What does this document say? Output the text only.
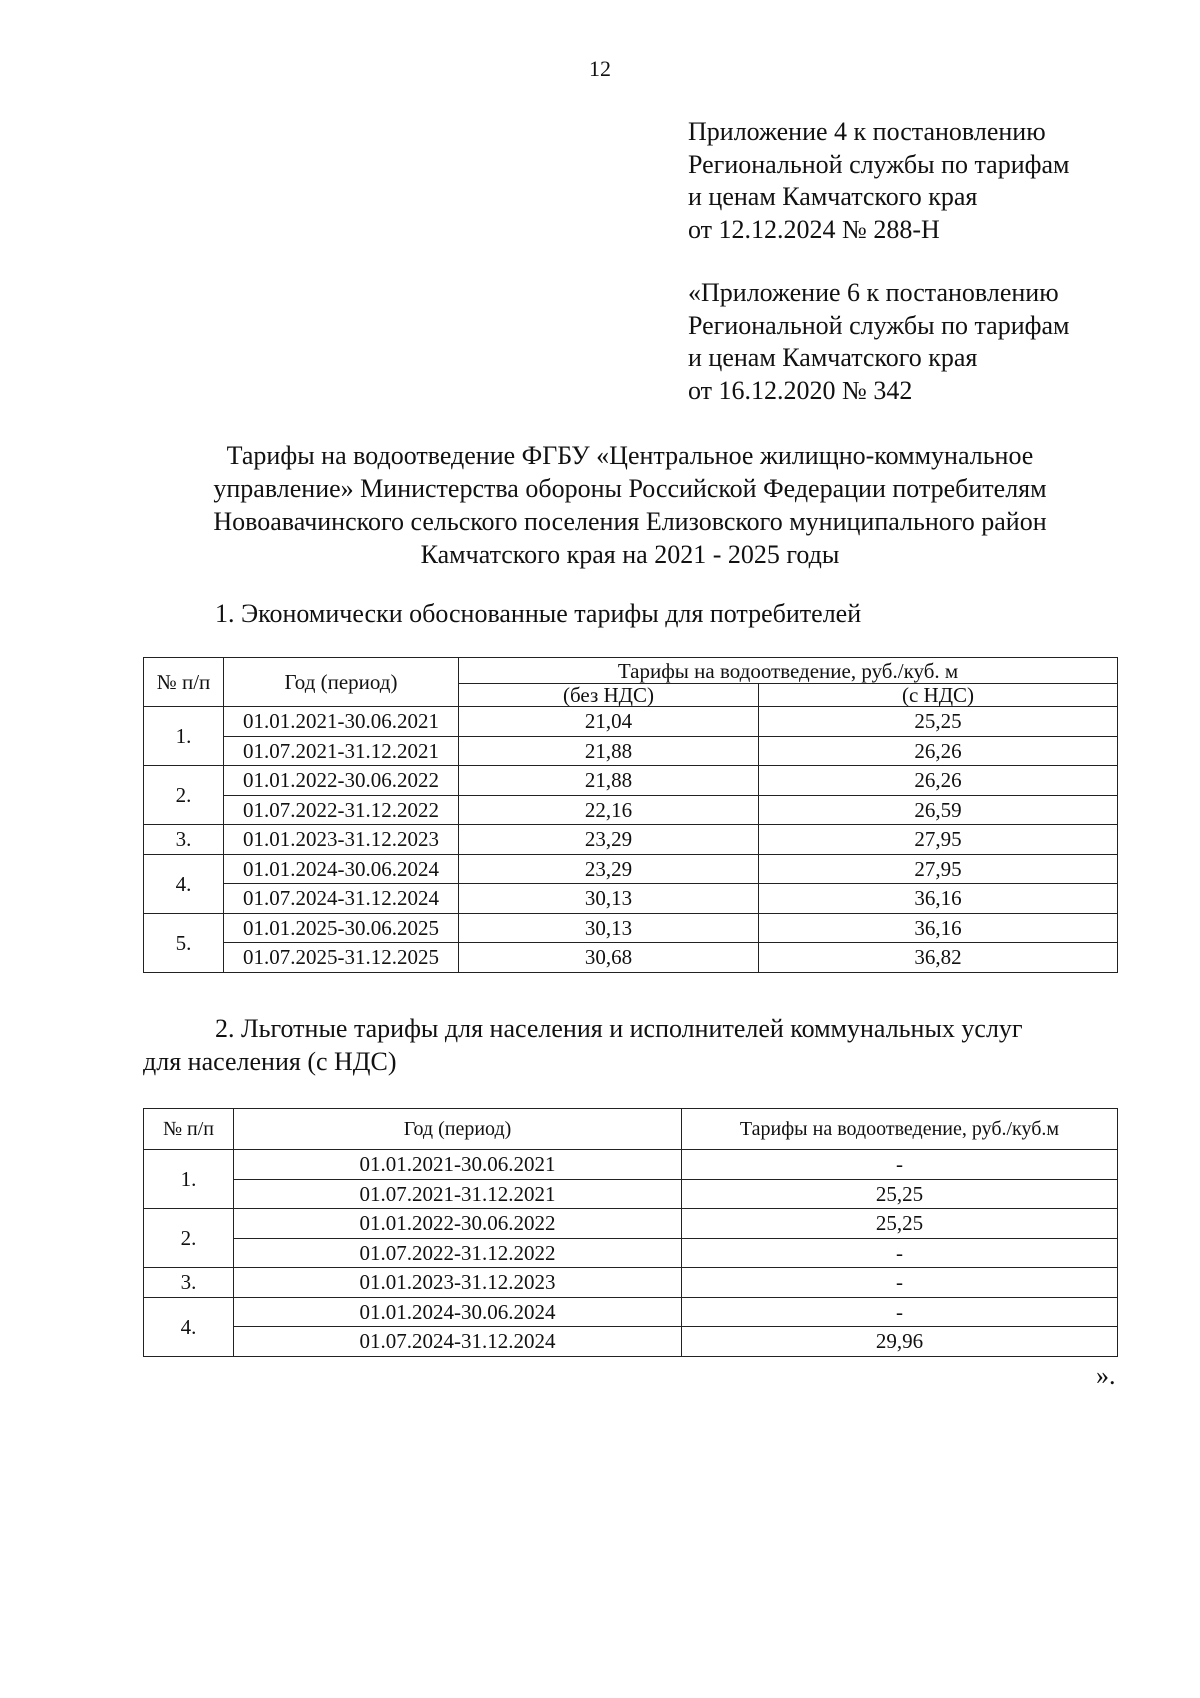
12
Приложение 4 к постановлению
Региональной службы по тарифам
и ценам Камчатского края
от 12.12.2024 № 288-Н
«Приложение 6 к постановлению
Региональной службы по тарифам
и ценам Камчатского края
от 16.12.2020 № 342
Тарифы на водоотведение ФГБУ «Центральное жилищно-коммунальное
управление» Министерства обороны Российской Федерации потребителям
Новоавачинского сельского поселения Елизовского муниципального район
Камчатского края на 2021 - 2025 годы
1. Экономически обоснованные тарифы для потребителей
№ п/п	Год (период)	Тарифы на водоотведение, руб./куб. м	
		(без НДС)	(с НДС)
1.	01.01.2021-30.06.2021	21,04	25,25
	01.07.2021-31.12.2021	21,88	26,26
2.	01.01.2022-30.06.2022	21,88	26,26
	01.07.2022-31.12.2022	22,16	26,59
3.	01.01.2023-31.12.2023	23,29	27,95
4.	01.01.2024-30.06.2024	23,29	27,95
	01.07.2024-31.12.2024	30,13	36,16
5.	01.01.2025-30.06.2025	30,13	36,16
	01.07.2025-31.12.2025	30,68	36,82
2. Льготные тарифы для населения и исполнителей коммунальных услуг
для населения (с НДС)
№ п/п	Год (период)	Тарифы на водоотведение, руб./куб.м
1.	01.01.2021-30.06.2021	-
	01.07.2021-31.12.2021	25,25
2.	01.01.2022-30.06.2022	25,25
	01.07.2022-31.12.2022	-
3.	01.01.2023-31.12.2023	-
4.	01.01.2024-30.06.2024	-
	01.07.2024-31.12.2024	29,96
».
